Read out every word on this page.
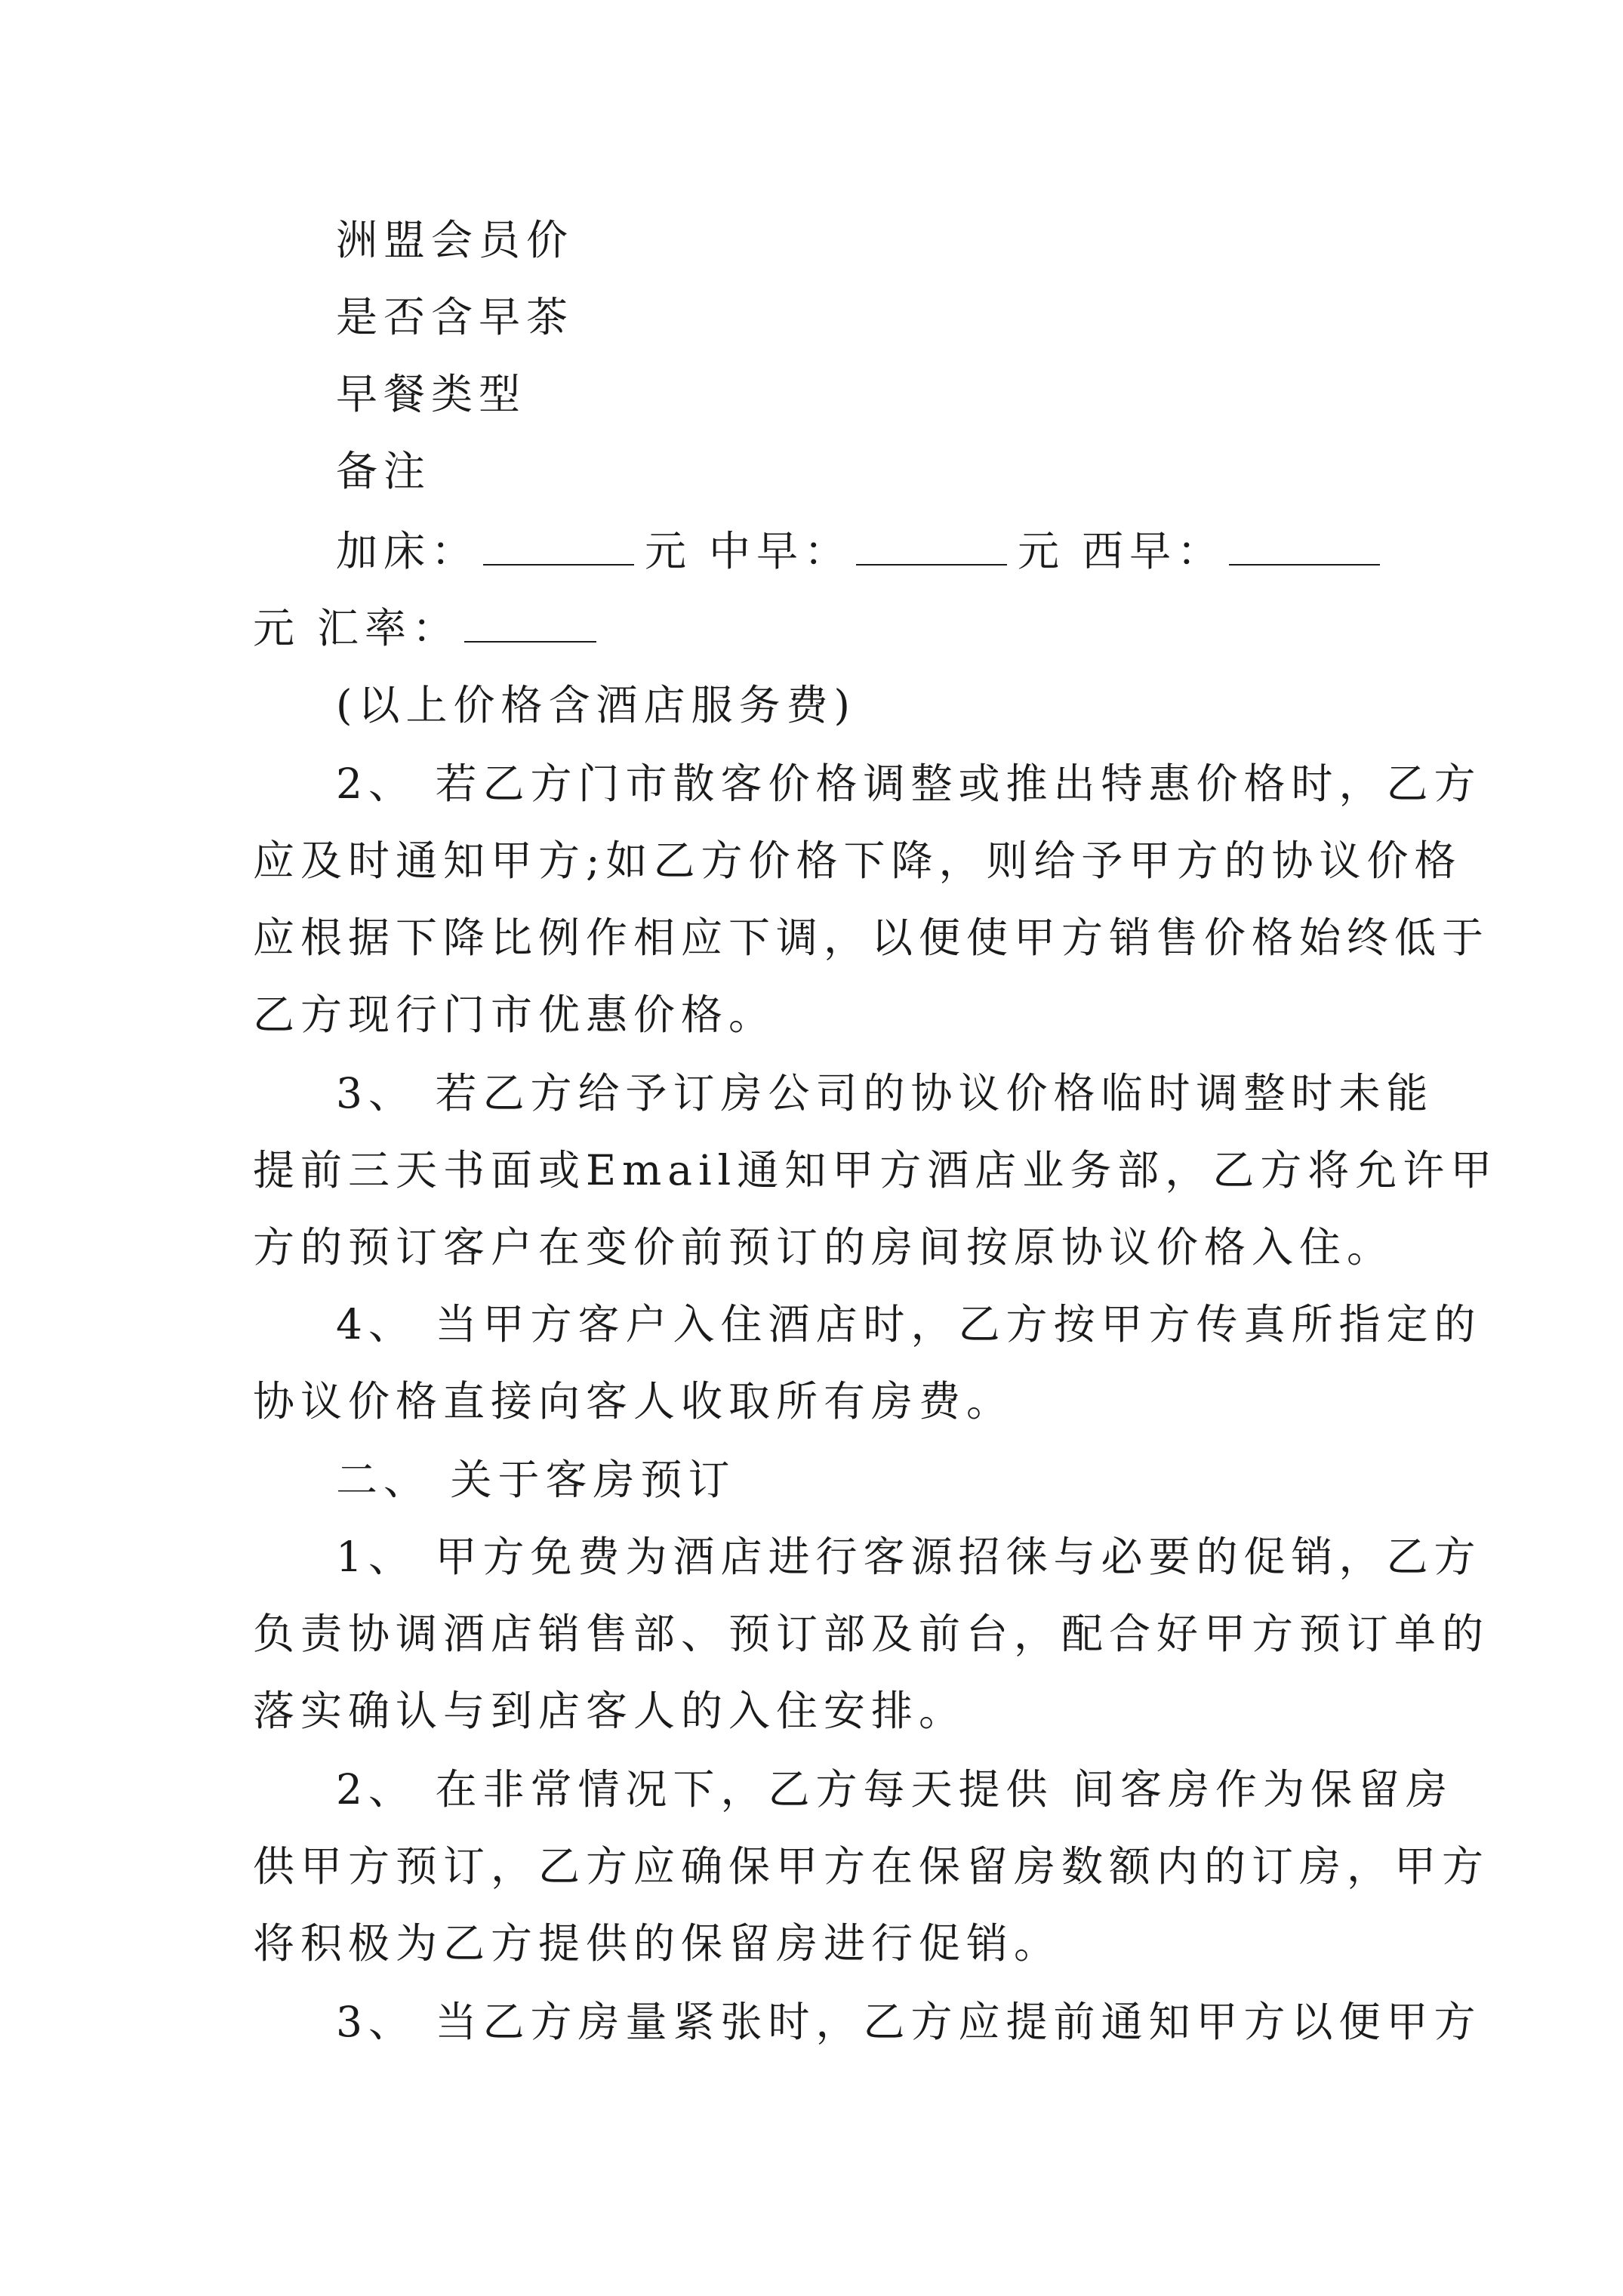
洲盟会员价
是否含早茶
早餐类型
备注
加床：	元 中早：	元 西早：
元 汇率：
(以上价格含酒店服务费)
2、 若乙方门市散客价格调整或推出特惠价格时，乙方
应及时通知甲方;如乙方价格下降，则给予甲方的协议价格
应根据下降比例作相应下调，以便使甲方销售价格始终低于
乙方现行门市优惠价格。
3、 若乙方给予订房公司的协议价格临时调整时未能
提前三天书面或Email通知甲方酒店业务部，乙方将允许甲
方的预订客户在变价前预订的房间按原协议价格入住。
4、 当甲方客户入住酒店时，乙方按甲方传真所指定的
协议价格直接向客人收取所有房费。
二、 关于客房预订
1、 甲方免费为酒店进行客源招徕与必要的促销，乙方
负责协调酒店销售部、预订部及前台，配合好甲方预订单的
落实确认与到店客人的入住安排。
2、 在非常情况下，乙方每天提供 间客房作为保留房
供甲方预订，乙方应确保甲方在保留房数额内的订房，甲方
将积极为乙方提供的保留房进行促销。
3、 当乙方房量紧张时，乙方应提前通知甲方以便甲方
